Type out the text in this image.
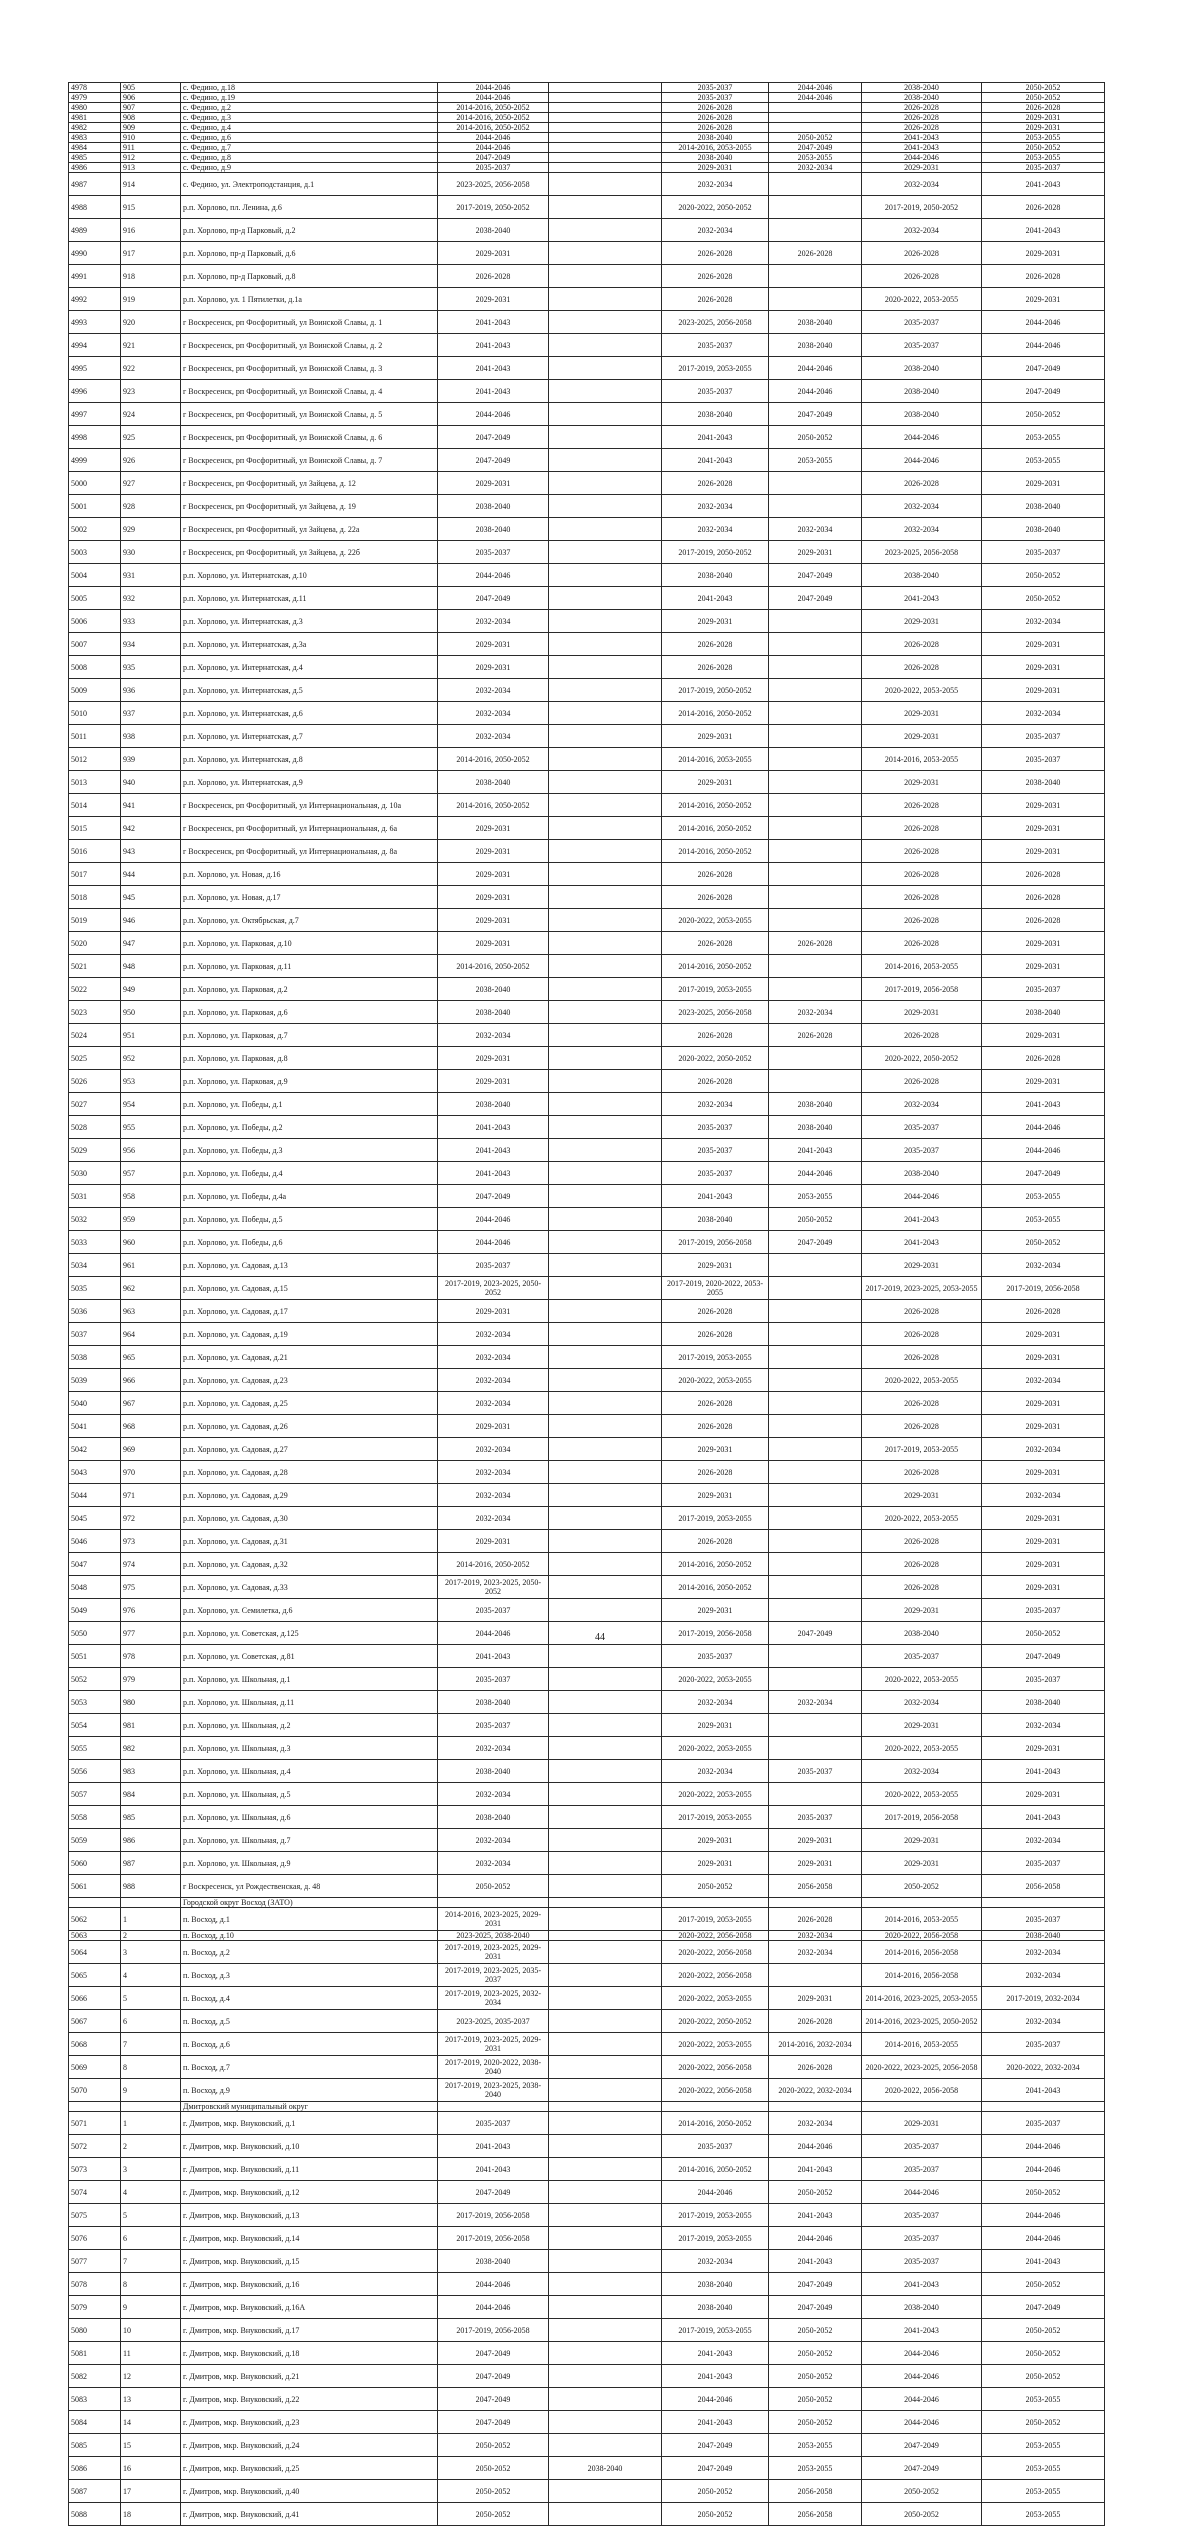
4978	905	с. Федино, д.18	2044-2046		2035-2037	2044-2046	2038-2040	2050-2052
4979	906	с. Федино, д.19	2044-2046		2035-2037	2044-2046	2038-2040	2050-2052
4980	907	с. Федино, д.2	2014-2016, 2050-2052		2026-2028		2026-2028	2026-2028
4981	908	с. Федино, д.3	2014-2016, 2050-2052		2026-2028		2026-2028	2029-2031
4982	909	с. Федино, д.4	2014-2016, 2050-2052		2026-2028		2026-2028	2029-2031
4983	910	с. Федино, д.6	2044-2046		2038-2040	2050-2052	2041-2043	2053-2055
4984	911	с. Федино, д.7	2044-2046		2014-2016, 2053-2055	2047-2049	2041-2043	2050-2052
4985	912	с. Федино, д.8	2047-2049		2038-2040	2053-2055	2044-2046	2053-2055
4986	913	с. Федино, д.9	2035-2037		2029-2031	2032-2034	2029-2031	2035-2037
4987	914	с. Федино, ул. Электроподстанция, д.1	2023-2025, 2056-2058		2032-2034		2032-2034	2041-2043
4988	915	р.п. Хорлово, пл. Ленина, д.6	2017-2019, 2050-2052		2020-2022, 2050-2052		2017-2019, 2050-2052	2026-2028
4989	916	р.п. Хорлово, пр-д Парковый, д.2	2038-2040		2032-2034		2032-2034	2041-2043
4990	917	р.п. Хорлово, пр-д Парковый, д.6	2029-2031		2026-2028	2026-2028	2026-2028	2029-2031
4991	918	р.п. Хорлово, пр-д Парковый, д.8	2026-2028		2026-2028		2026-2028	2026-2028
4992	919	р.п. Хорлово, ул. 1 Пятилетки, д.1а	2029-2031		2026-2028		2020-2022, 2053-2055	2029-2031
4993	920	г Воскресенск, рп Фосфоритный, ул Воинской Славы, д. 1	2041-2043		2023-2025, 2056-2058	2038-2040	2035-2037	2044-2046
4994	921	г Воскресенск, рп Фосфоритный, ул Воинской Славы, д. 2	2041-2043		2035-2037	2038-2040	2035-2037	2044-2046
4995	922	г Воскресенск, рп Фосфоритный, ул Воинской Славы, д. 3	2041-2043		2017-2019, 2053-2055	2044-2046	2038-2040	2047-2049
4996	923	г Воскресенск, рп Фосфоритный, ул Воинской Славы, д. 4	2041-2043		2035-2037	2044-2046	2038-2040	2047-2049
4997	924	г Воскресенск, рп Фосфоритный, ул Воинской Славы, д. 5	2044-2046		2038-2040	2047-2049	2038-2040	2050-2052
4998	925	г Воскресенск, рп Фосфоритный, ул Воинской Славы, д. 6	2047-2049		2041-2043	2050-2052	2044-2046	2053-2055
4999	926	г Воскресенск, рп Фосфоритный, ул Воинской Славы, д. 7	2047-2049		2041-2043	2053-2055	2044-2046	2053-2055
5000	927	г Воскресенск, рп Фосфоритный, ул Зайцева, д. 12	2029-2031		2026-2028		2026-2028	2029-2031
5001	928	г Воскресенск, рп Фосфоритный, ул Зайцева, д. 19	2038-2040		2032-2034		2032-2034	2038-2040
5002	929	г Воскресенск, рп Фосфоритный, ул Зайцева, д. 22а	2038-2040		2032-2034	2032-2034	2032-2034	2038-2040
5003	930	г Воскресенск, рп Фосфоритный, ул Зайцева, д. 22б	2035-2037		2017-2019, 2050-2052	2029-2031	2023-2025, 2056-2058	2035-2037
5004	931	р.п. Хорлово, ул. Интернатская, д.10	2044-2046		2038-2040	2047-2049	2038-2040	2050-2052
5005	932	р.п. Хорлово, ул. Интернатская, д.11	2047-2049		2041-2043	2047-2049	2041-2043	2050-2052
5006	933	р.п. Хорлово, ул. Интернатская, д.3	2032-2034		2029-2031		2029-2031	2032-2034
5007	934	р.п. Хорлово, ул. Интернатская, д.3а	2029-2031		2026-2028		2026-2028	2029-2031
5008	935	р.п. Хорлово, ул. Интернатская, д.4	2029-2031		2026-2028		2026-2028	2029-2031
5009	936	р.п. Хорлово, ул. Интернатская, д.5	2032-2034		2017-2019, 2050-2052		2020-2022, 2053-2055	2029-2031
5010	937	р.п. Хорлово, ул. Интернатская, д.6	2032-2034		2014-2016, 2050-2052		2029-2031	2032-2034
5011	938	р.п. Хорлово, ул. Интернатская, д.7	2032-2034		2029-2031		2029-2031	2035-2037
5012	939	р.п. Хорлово, ул. Интернатская, д.8	2014-2016, 2050-2052		2014-2016, 2053-2055		2014-2016, 2053-2055	2035-2037
5013	940	р.п. Хорлово, ул. Интернатская, д.9	2038-2040		2029-2031		2029-2031	2038-2040
5014	941	г Воскресенск, рп Фосфоритный, ул Интернациональная, д. 10а	2014-2016, 2050-2052		2014-2016, 2050-2052		2026-2028	2029-2031
5015	942	г Воскресенск, рп Фосфоритный, ул Интернациональная, д. 6а	2029-2031		2014-2016, 2050-2052		2026-2028	2029-2031
5016	943	г Воскресенск, рп Фосфоритный, ул Интернациональная, д. 8а	2029-2031		2014-2016, 2050-2052		2026-2028	2029-2031
5017	944	р.п. Хорлово, ул. Новая, д.16	2029-2031		2026-2028		2026-2028	2026-2028
5018	945	р.п. Хорлово, ул. Новая, д.17	2029-2031		2026-2028		2026-2028	2026-2028
5019	946	р.п. Хорлово, ул. Октябрьская, д.7	2029-2031		2020-2022, 2053-2055		2026-2028	2026-2028
5020	947	р.п. Хорлово, ул. Парковая, д.10	2029-2031		2026-2028	2026-2028	2026-2028	2029-2031
5021	948	р.п. Хорлово, ул. Парковая, д.11	2014-2016, 2050-2052		2014-2016, 2050-2052		2014-2016, 2053-2055	2029-2031
5022	949	р.п. Хорлово, ул. Парковая, д.2	2038-2040		2017-2019, 2053-2055		2017-2019, 2056-2058	2035-2037
5023	950	р.п. Хорлово, ул. Парковая, д.6	2038-2040		2023-2025, 2056-2058	2032-2034	2029-2031	2038-2040
5024	951	р.п. Хорлово, ул. Парковая, д.7	2032-2034		2026-2028	2026-2028	2026-2028	2029-2031
5025	952	р.п. Хорлово, ул. Парковая, д.8	2029-2031		2020-2022, 2050-2052		2020-2022, 2050-2052	2026-2028
5026	953	р.п. Хорлово, ул. Парковая, д.9	2029-2031		2026-2028		2026-2028	2029-2031
5027	954	р.п. Хорлово, ул. Победы, д.1	2038-2040		2032-2034	2038-2040	2032-2034	2041-2043
5028	955	р.п. Хорлово, ул. Победы, д.2	2041-2043		2035-2037	2038-2040	2035-2037	2044-2046
5029	956	р.п. Хорлово, ул. Победы, д.3	2041-2043		2035-2037	2041-2043	2035-2037	2044-2046
5030	957	р.п. Хорлово, ул. Победы, д.4	2041-2043		2035-2037	2044-2046	2038-2040	2047-2049
5031	958	р.п. Хорлово, ул. Победы, д.4а	2047-2049		2041-2043	2053-2055	2044-2046	2053-2055
5032	959	р.п. Хорлово, ул. Победы, д.5	2044-2046		2038-2040	2050-2052	2041-2043	2053-2055
5033	960	р.п. Хорлово, ул. Победы, д.6	2044-2046		2017-2019, 2056-2058	2047-2049	2041-2043	2050-2052
5034	961	р.п. Хорлово, ул. Садовая, д.13	2035-2037		2029-2031		2029-2031	2032-2034
5035	962	р.п. Хорлово, ул. Садовая, д.15	2017-2019, 2023-2025, 2050-2052		2017-2019, 2020-2022, 2053-2055		2017-2019, 2023-2025, 2053-2055	2017-2019, 2056-2058
5036	963	р.п. Хорлово, ул. Садовая, д.17	2029-2031		2026-2028		2026-2028	2026-2028
5037	964	р.п. Хорлово, ул. Садовая, д.19	2032-2034		2026-2028		2026-2028	2029-2031
5038	965	р.п. Хорлово, ул. Садовая, д.21	2032-2034		2017-2019, 2053-2055		2026-2028	2029-2031
5039	966	р.п. Хорлово, ул. Садовая, д.23	2032-2034		2020-2022, 2053-2055		2020-2022, 2053-2055	2032-2034
5040	967	р.п. Хорлово, ул. Садовая, д.25	2032-2034		2026-2028		2026-2028	2029-2031
5041	968	р.п. Хорлово, ул. Садовая, д.26	2029-2031		2026-2028		2026-2028	2029-2031
5042	969	р.п. Хорлово, ул. Садовая, д.27	2032-2034		2029-2031		2017-2019, 2053-2055	2032-2034
5043	970	р.п. Хорлово, ул. Садовая, д.28	2032-2034		2026-2028		2026-2028	2029-2031
5044	971	р.п. Хорлово, ул. Садовая, д.29	2032-2034		2029-2031		2029-2031	2032-2034
5045	972	р.п. Хорлово, ул. Садовая, д.30	2032-2034		2017-2019, 2053-2055		2020-2022, 2053-2055	2029-2031
5046	973	р.п. Хорлово, ул. Садовая, д.31	2029-2031		2026-2028		2026-2028	2029-2031
5047	974	р.п. Хорлово, ул. Садовая, д.32	2014-2016, 2050-2052		2014-2016, 2050-2052		2026-2028	2029-2031
5048	975	р.п. Хорлово, ул. Садовая, д.33	2017-2019, 2023-2025, 2050-2052		2014-2016, 2050-2052		2026-2028	2029-2031
5049	976	р.п. Хорлово, ул. Семилетка, д.6	2035-2037		2029-2031		2029-2031	2035-2037
5050	977	р.п. Хорлово, ул. Советская, д.125	2044-2046		2017-2019, 2056-2058	2047-2049	2038-2040	2050-2052
5051	978	р.п. Хорлово, ул. Советская, д.81	2041-2043		2035-2037		2035-2037	2047-2049
5052	979	р.п. Хорлово, ул. Школьная, д.1	2035-2037		2020-2022, 2053-2055		2020-2022, 2053-2055	2035-2037
5053	980	р.п. Хорлово, ул. Школьная, д.11	2038-2040		2032-2034	2032-2034	2032-2034	2038-2040
5054	981	р.п. Хорлово, ул. Школьная, д.2	2035-2037		2029-2031		2029-2031	2032-2034
5055	982	р.п. Хорлово, ул. Школьная, д.3	2032-2034		2020-2022, 2053-2055		2020-2022, 2053-2055	2029-2031
5056	983	р.п. Хорлово, ул. Школьная, д.4	2038-2040		2032-2034	2035-2037	2032-2034	2041-2043
5057	984	р.п. Хорлово, ул. Школьная, д.5	2032-2034		2020-2022, 2053-2055		2020-2022, 2053-2055	2029-2031
5058	985	р.п. Хорлово, ул. Школьная, д.6	2038-2040		2017-2019, 2053-2055	2035-2037	2017-2019, 2056-2058	2041-2043
5059	986	р.п. Хорлово, ул. Школьная, д.7	2032-2034		2029-2031	2029-2031	2029-2031	2032-2034
5060	987	р.п. Хорлово, ул. Школьная, д.9	2032-2034		2029-2031	2029-2031	2029-2031	2035-2037
5061	988	г Воскресенск, ул Рождественская, д. 48	2050-2052		2050-2052	2056-2058	2050-2052	2056-2058
		Городской округ Восход (ЗАТО)						
5062	1	п. Восход, д.1	2014-2016, 2023-2025, 2029-2031		2017-2019, 2053-2055	2026-2028	2014-2016, 2053-2055	2035-2037
5063	2	п. Восход, д.10	2023-2025, 2038-2040		2020-2022, 2056-2058	2032-2034	2020-2022, 2056-2058	2038-2040
5064	3	п. Восход, д.2	2017-2019, 2023-2025, 2029-2031		2020-2022, 2056-2058	2032-2034	2014-2016, 2056-2058	2032-2034
5065	4	п. Восход, д.3	2017-2019, 2023-2025, 2035-2037		2020-2022, 2056-2058		2014-2016, 2056-2058	2032-2034
5066	5	п. Восход, д.4	2017-2019, 2023-2025, 2032-2034		2020-2022, 2053-2055	2029-2031	2014-2016, 2023-2025, 2053-2055	2017-2019, 2032-2034
5067	6	п. Восход, д.5	2023-2025, 2035-2037		2020-2022, 2050-2052	2026-2028	2014-2016, 2023-2025, 2050-2052	2032-2034
5068	7	п. Восход, д.6	2017-2019, 2023-2025, 2029-2031		2020-2022, 2053-2055	2014-2016, 2032-2034	2014-2016, 2053-2055	2035-2037
5069	8	п. Восход, д.7	2017-2019, 2020-2022, 2038-2040		2020-2022, 2056-2058	2026-2028	2020-2022, 2023-2025, 2056-2058	2020-2022, 2032-2034
5070	9	п. Восход, д.9	2017-2019, 2023-2025, 2038-2040		2020-2022, 2056-2058	2020-2022, 2032-2034	2020-2022, 2056-2058	2041-2043
		Дмитровский муниципальный округ						
5071	1	г. Дмитров, мкр. Внуковский, д.1	2035-2037		2014-2016, 2050-2052	2032-2034	2029-2031	2035-2037
5072	2	г. Дмитров, мкр. Внуковский, д.10	2041-2043		2035-2037	2044-2046	2035-2037	2044-2046
5073	3	г. Дмитров, мкр. Внуковский, д.11	2041-2043		2014-2016, 2050-2052	2041-2043	2035-2037	2044-2046
5074	4	г. Дмитров, мкр. Внуковский, д.12	2047-2049		2044-2046	2050-2052	2044-2046	2050-2052
5075	5	г. Дмитров, мкр. Внуковский, д.13	2017-2019, 2056-2058		2017-2019, 2053-2055	2041-2043	2035-2037	2044-2046
5076	6	г. Дмитров, мкр. Внуковский, д.14	2017-2019, 2056-2058		2017-2019, 2053-2055	2044-2046	2035-2037	2044-2046
5077	7	г. Дмитров, мкр. Внуковский, д.15	2038-2040		2032-2034	2041-2043	2035-2037	2041-2043
5078	8	г. Дмитров, мкр. Внуковский, д.16	2044-2046		2038-2040	2047-2049	2041-2043	2050-2052
5079	9	г. Дмитров, мкр. Внуковский, д.16А	2044-2046		2038-2040	2047-2049	2038-2040	2047-2049
5080	10	г. Дмитров, мкр. Внуковский, д.17	2017-2019, 2056-2058		2017-2019, 2053-2055	2050-2052	2041-2043	2050-2052
5081	11	г. Дмитров, мкр. Внуковский, д.18	2047-2049		2041-2043	2050-2052	2044-2046	2050-2052
5082	12	г. Дмитров, мкр. Внуковский, д.21	2047-2049		2041-2043	2050-2052	2044-2046	2050-2052
5083	13	г. Дмитров, мкр. Внуковский, д.22	2047-2049		2044-2046	2050-2052	2044-2046	2053-2055
5084	14	г. Дмитров, мкр. Внуковский, д.23	2047-2049		2041-2043	2050-2052	2044-2046	2050-2052
5085	15	г. Дмитров, мкр. Внуковский, д.24	2050-2052		2047-2049	2053-2055	2047-2049	2053-2055
5086	16	г. Дмитров, мкр. Внуковский, д.25	2050-2052	2038-2040	2047-2049	2053-2055	2047-2049	2053-2055
5087	17	г. Дмитров, мкр. Внуковский, д.40	2050-2052		2050-2052	2056-2058	2050-2052	2053-2055
5088	18	г. Дмитров, мкр. Внуковский, д.41	2050-2052		2050-2052	2056-2058	2050-2052	2053-2055
44
